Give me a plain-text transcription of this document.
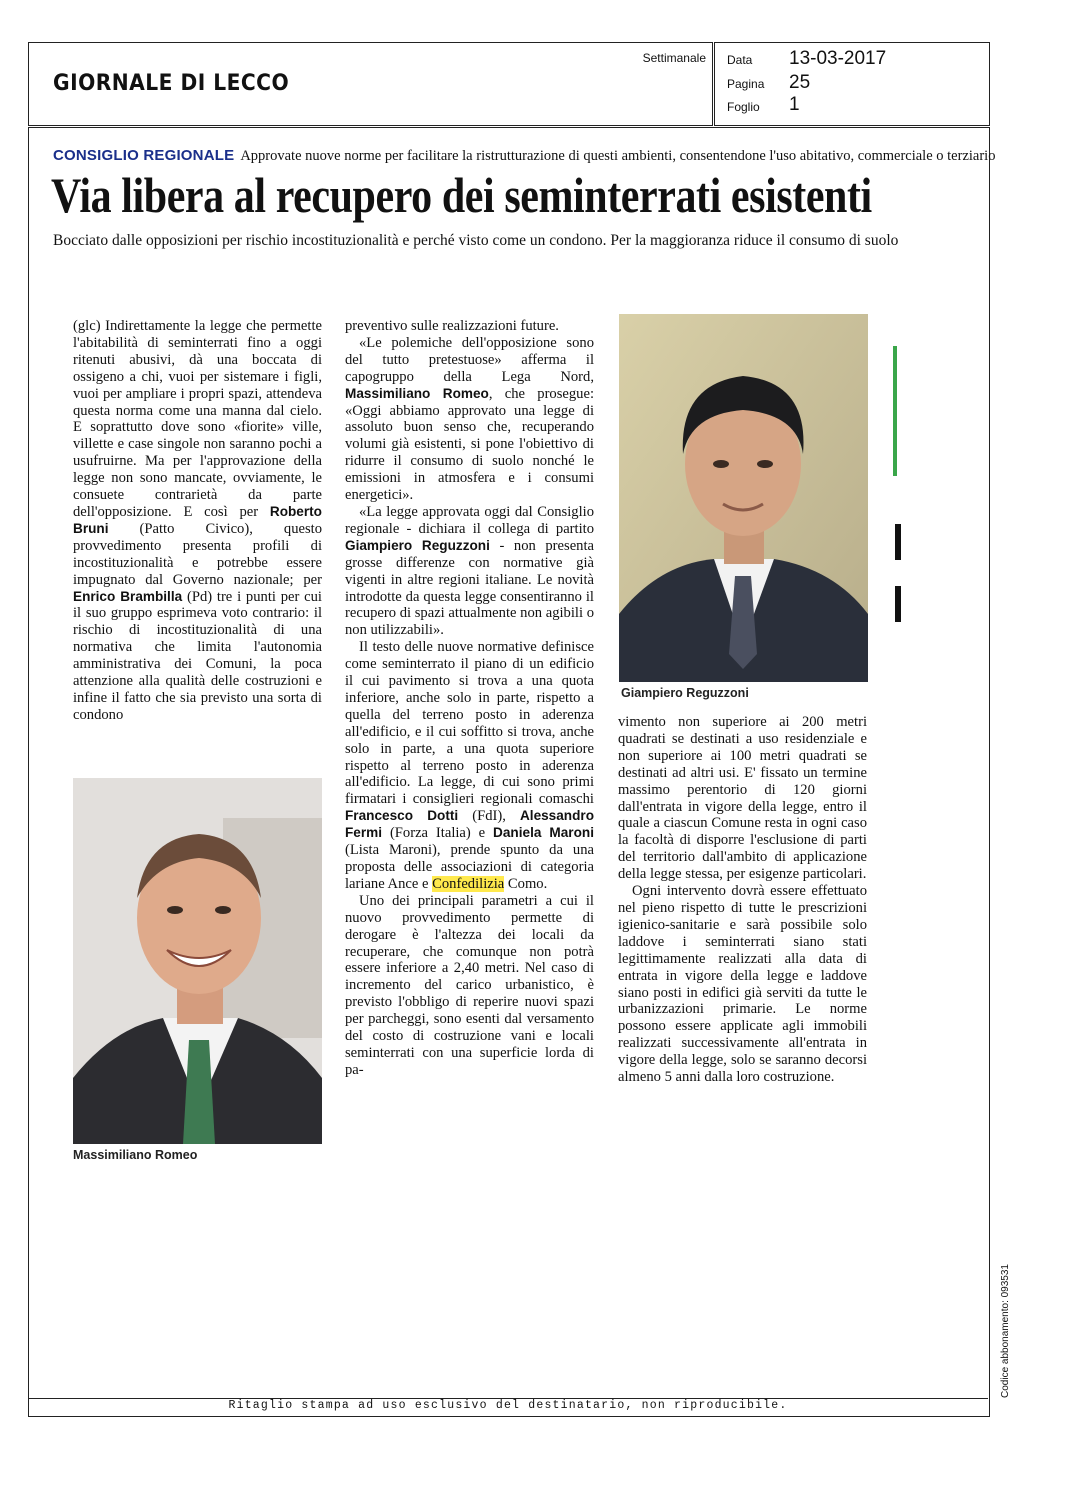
GIORNALE DI LECCO
Settimanale Data 13-03-2017
Pagina 25
Foglio 1
CONSIGLIO REGIONALE Approvate nuove norme per facilitare la ristrutturazione di questi ambienti, consentendone l'uso abitativo, commerciale o terziario
Via libera al recupero dei seminterrati esistenti
Bocciato dalle opposizioni per rischio incostituzionalità e perché visto come un condono. Per la maggioranza riduce il consumo di suolo

(glc) Indirettamente la legge che permette l'abitabilità di seminterrati fino a oggi ritenuti abusivi, dà una boccata di ossigeno a chi, vuoi per sistemare i figli, vuoi per ampliare i propri spazi, attendeva questa norma come una manna dal cielo. E soprattutto dove sono «fiorite» ville, villette e case singole non saranno pochi a usufruirne. Ma per l'approvazione della legge non sono mancate, ovviamente, le consuete contrarietà da parte dell'opposizione. E così per Roberto Bruni (Patto Civico), questo provvedimento presenta profili di incostituzionalità e potrebbe essere impugnato dal Governo nazionale; per Enrico Brambilla (Pd) tre i punti per cui il suo gruppo esprimeva voto contrario: il rischio di incostituzionalità di una normativa che limita l'autonomia amministrativa dei Comuni, la poca attenzione alla qualità delle costruzioni e infine il fatto che sia previsto una sorta di condono

preventivo sulle realizzazioni future.

«Le polemiche dell'opposizione sono del tutto pretestuose» afferma il capogruppo della Lega Nord, Massimiliano Romeo, che prosegue: «Oggi abbiamo approvato una legge di assoluto buon senso che, recuperando volumi già esistenti, si pone l'obiettivo di ridurre il consumo di suolo nonché le emissioni in atmosfera e i consumi energetici».

«La legge approvata oggi dal Consiglio regionale - dichiara il collega di partito Giampiero Reguzzoni - non presenta grosse differenze con normative già vigenti in altre regioni italiane. Le novità introdotte da questa legge consentiranno il recupero di spazi attualmente non agibili o non utilizzabili».

Il testo delle nuove normative definisce come seminterrato il piano di un edificio il cui pavimento si trova a una quota inferiore, anche solo in parte, rispetto a quella del terreno posto in aderenza all'edificio, e il cui soffitto si trova, anche solo in parte, a una quota superiore rispetto al terreno posto in aderenza all'edificio. La legge, di cui sono primi firmatari i consiglieri regionali comaschi Francesco Dotti (FdI), Alessandro Fermi (Forza Italia) e Daniela Maroni (Lista Maroni), prende spunto da una proposta delle associazioni di categoria lariane Ance e Confedilizia Como.

Uno dei principali parametri a cui il nuovo provvedimento permette di derogare è l'altezza dei locali da recuperare, che comunque non potrà essere inferiore a 2,40 metri. Nel caso di incremento del carico urbanistico, è previsto l'obbligo di reperire nuovi spazi per parcheggi, sono esenti dal versamento del costo di costruzione vani e locali seminterrati con una superficie lorda di pa-

vimento non superiore ai 200 metri quadrati se destinati a uso residenziale e non superiore ai 100 metri quadrati se destinati ad altri usi. E' fissato un termine massimo perentorio di 120 giorni dall'entrata in vigore della legge, entro il quale a ciascun Comune resta in ogni caso la facoltà di disporre l'esclusione di parti del territorio dall'ambito di applicazione della legge stessa, per esigenze particolari.

Ogni intervento dovrà essere effettuato nel pieno rispetto di tutte le prescrizioni igienico-sanitarie e sarà possibile solo laddove i seminterrati siano stati legittimamente realizzati alla data di entrata in vigore della legge e laddove siano posti in edifici già serviti da tutte le urbanizzazioni primarie. Le norme possono essere applicate agli immobili realizzati successivamente all'entrata in vigore della legge, solo se saranno decorsi almeno 5 anni dalla loro costruzione.

Giampiero Reguzzoni
Massimiliano Romeo
Ritaglio stampa ad uso esclusivo del destinatario, non riproducibile.
Codice abbonamento: 093531
